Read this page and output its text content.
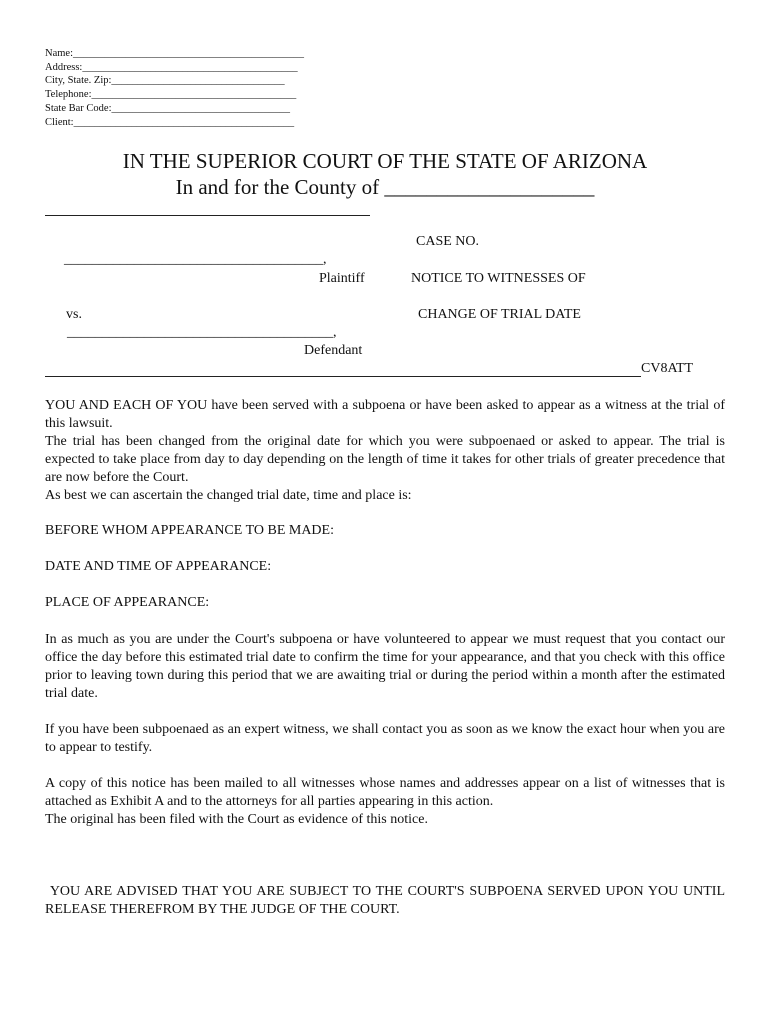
Name:____________________________________________
Address:_________________________________________
City, State. Zip:_________________________________
Telephone:_______________________________________
State Bar Code:__________________________________
Client:__________________________________________
IN THE SUPERIOR COURT OF THE STATE OF ARIZONA
In and for the County of ____________________
CASE NO.
_____________________________________,
Plaintiff	NOTICE TO WITNESSES OF
vs.	CHANGE OF TRIAL DATE
______________________________________,
Defendant
CV8ATT

YOU AND EACH OF YOU have been served with a subpoena or have been asked to appear as a witness at the trial of this lawsuit.

The trial has been changed from the original date for which you were subpoenaed or asked to appear. The trial is expected to take place from day to day depending on the length of time it takes for other trials of greater precedence that are now before the Court.

As best we can ascertain the changed trial date, time and place is:

BEFORE WHOM APPEARANCE TO BE MADE:
DATE AND TIME OF APPEARANCE:
PLACE OF APPEARANCE:

In as much as you are under the Court's subpoena or have volunteered to appear we must request that you contact our office the day before this estimated trial date to confirm the time for your appearance, and that you check with this office prior to leaving town during this period that we are awaiting trial or during the period within a month after the estimated trial date.

If you have been subpoenaed as an expert witness, we shall contact you as soon as we know the exact hour when you are to appear to testify.

A copy of this notice has been mailed to all witnesses whose names and addresses appear on a list of witnesses that is attached as Exhibit A and to the attorneys for all parties appearing in this action.

The original has been filed with the Court as evidence of this notice.

YOU ARE ADVISED THAT YOU ARE SUBJECT TO THE COURT'S SUBPOENA SERVED UPON YOU UNTIL RELEASE THEREFROM BY THE JUDGE OF THE COURT.
